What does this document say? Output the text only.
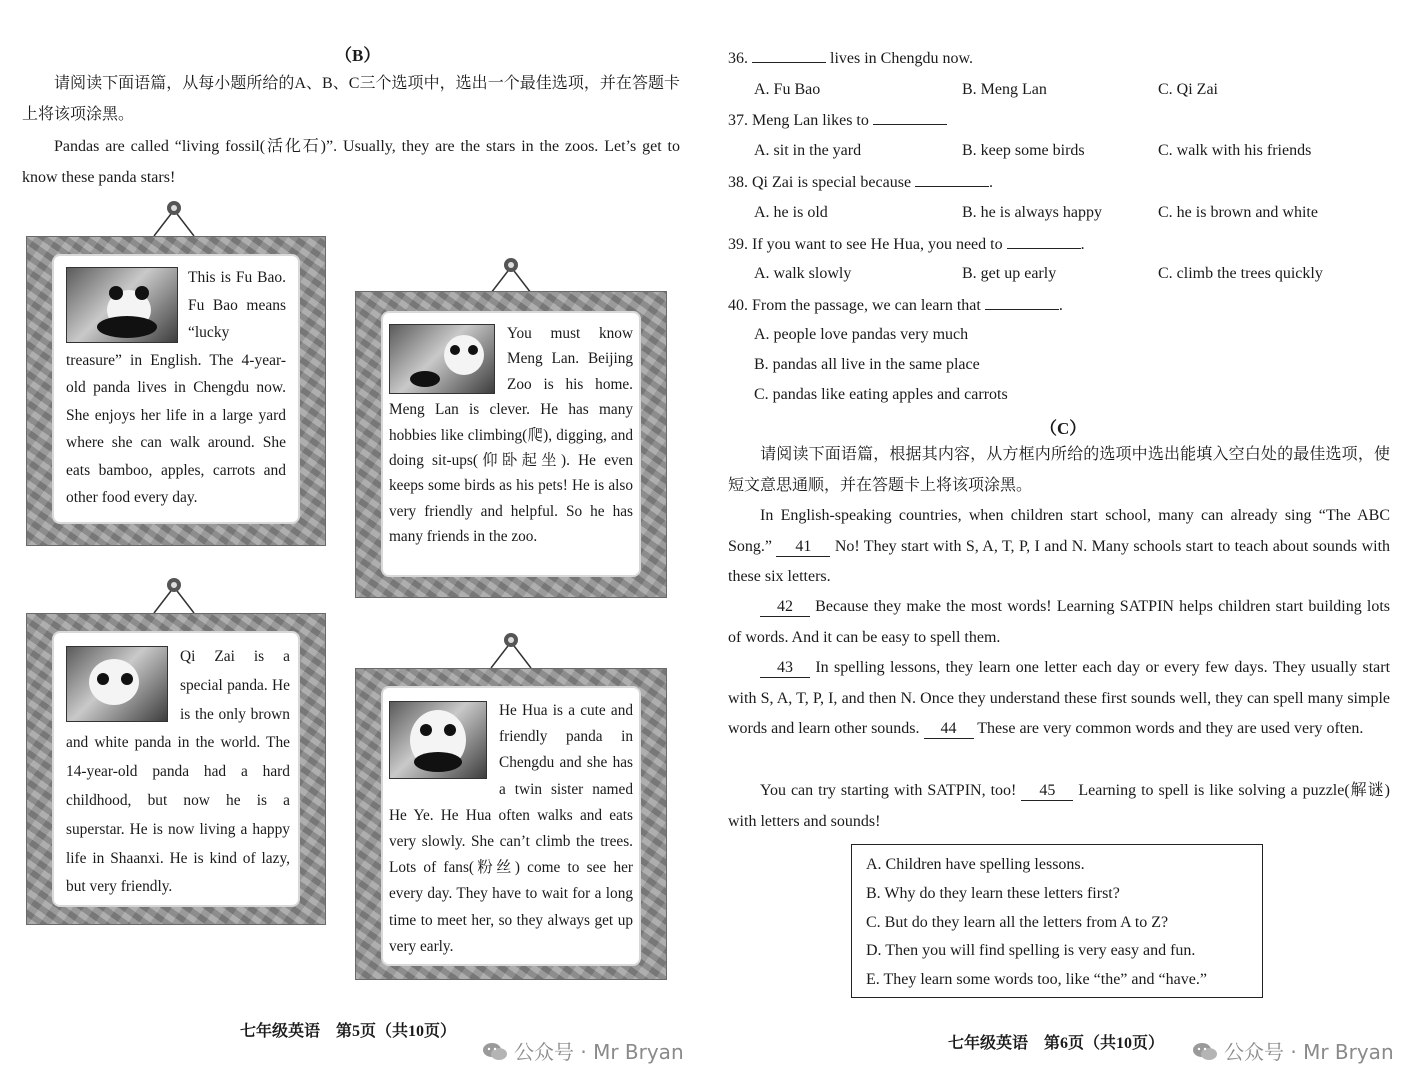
（B）

请阅读下面语篇，从每小题所给的A、B、C三个选项中，选出一个最佳选项，并在答题卡上将该项涂黑。

Pandas are called “living fossil(活化石)”. Usually, they are the stars in the zoos. Let’s get to know these panda stars!

This is Fu Bao. Fu Bao means “lucky treasure” in English. The 4-year-old panda lives in Chengdu now. She enjoys her life in a large yard where she can walk around. She eats bamboo, apples, carrots and other food every day.
You must know Meng Lan. Beijing Zoo is his home. Meng Lan is clever. He has many hobbies like climbing(爬), digging, and doing sit-ups(仰卧起坐). He even keeps some birds as his pets! He is also very friendly and helpful. So he has many friends in the zoo.
Qi Zai is a special panda. He is the only brown and white panda in the world. The 14-year-old panda had a hard childhood, but now he is a superstar. He is now living a happy life in Shaanxi. He is kind of lazy, but very friendly.
He Hua is a cute and friendly panda in Chengdu and she has a twin sister named He Ye. He Hua often walks and eats very slowly. She can’t climb the trees. Lots of fans(粉丝) come to see her every day. They have to wait for a long time to meet her, so they always get up very early.
七年级英语　第5页（共10页）
公众号 · Mr Bryan
36.	lives in Chengdu now.
A. Fu Bao	B. Meng Lan	C. Qi Zai
37. Meng Lan likes to
A. sit in the yard	B. keep some birds	C. walk with his friends
38. Qi Zai is special because	.
A. he is old	B. he is always happy	C. he is brown and white
39. If you want to see He Hua, you need to	.
A. walk slowly	B. get up early	C. climb the trees quickly
40. From the passage, we can learn that	.
A. people love pandas very much
B. pandas all live in the same place
C. pandas like eating apples and carrots
（C）

请阅读下面语篇，根据其内容，从方框内所给的选项中选出能填入空白处的最佳选项，使短文意思通顺，并在答题卡上将该项涂黑。

In English-speaking countries, when children start school, many can already sing “The ABC Song.” 41 No! They start with S, A, T, P, I and N. Many schools start to teach about sounds with these six letters.

42 Because they make the most words! Learning SATPIN helps children start building lots of words. And it can be easy to spell them.

43 In spelling lessons, they learn one letter each day or every few days. They usually start with S, A, T, P, I, and then N. Once they understand these first sounds well, they can spell many simple words and learn other sounds. 44 These are very common words and they are used very often.

You can try starting with SATPIN, too! 45 Learning to spell is like solving a puzzle(解谜) with letters and sounds!

A. Children have spelling lessons.
B. Why do they learn these letters first?
C. But do they learn all the letters from A to Z?
D. Then you will find spelling is very easy and fun.
E. They learn some words too, like “the” and “have.”
七年级英语　第6页（共10页）	公众号 · Mr Bryan
